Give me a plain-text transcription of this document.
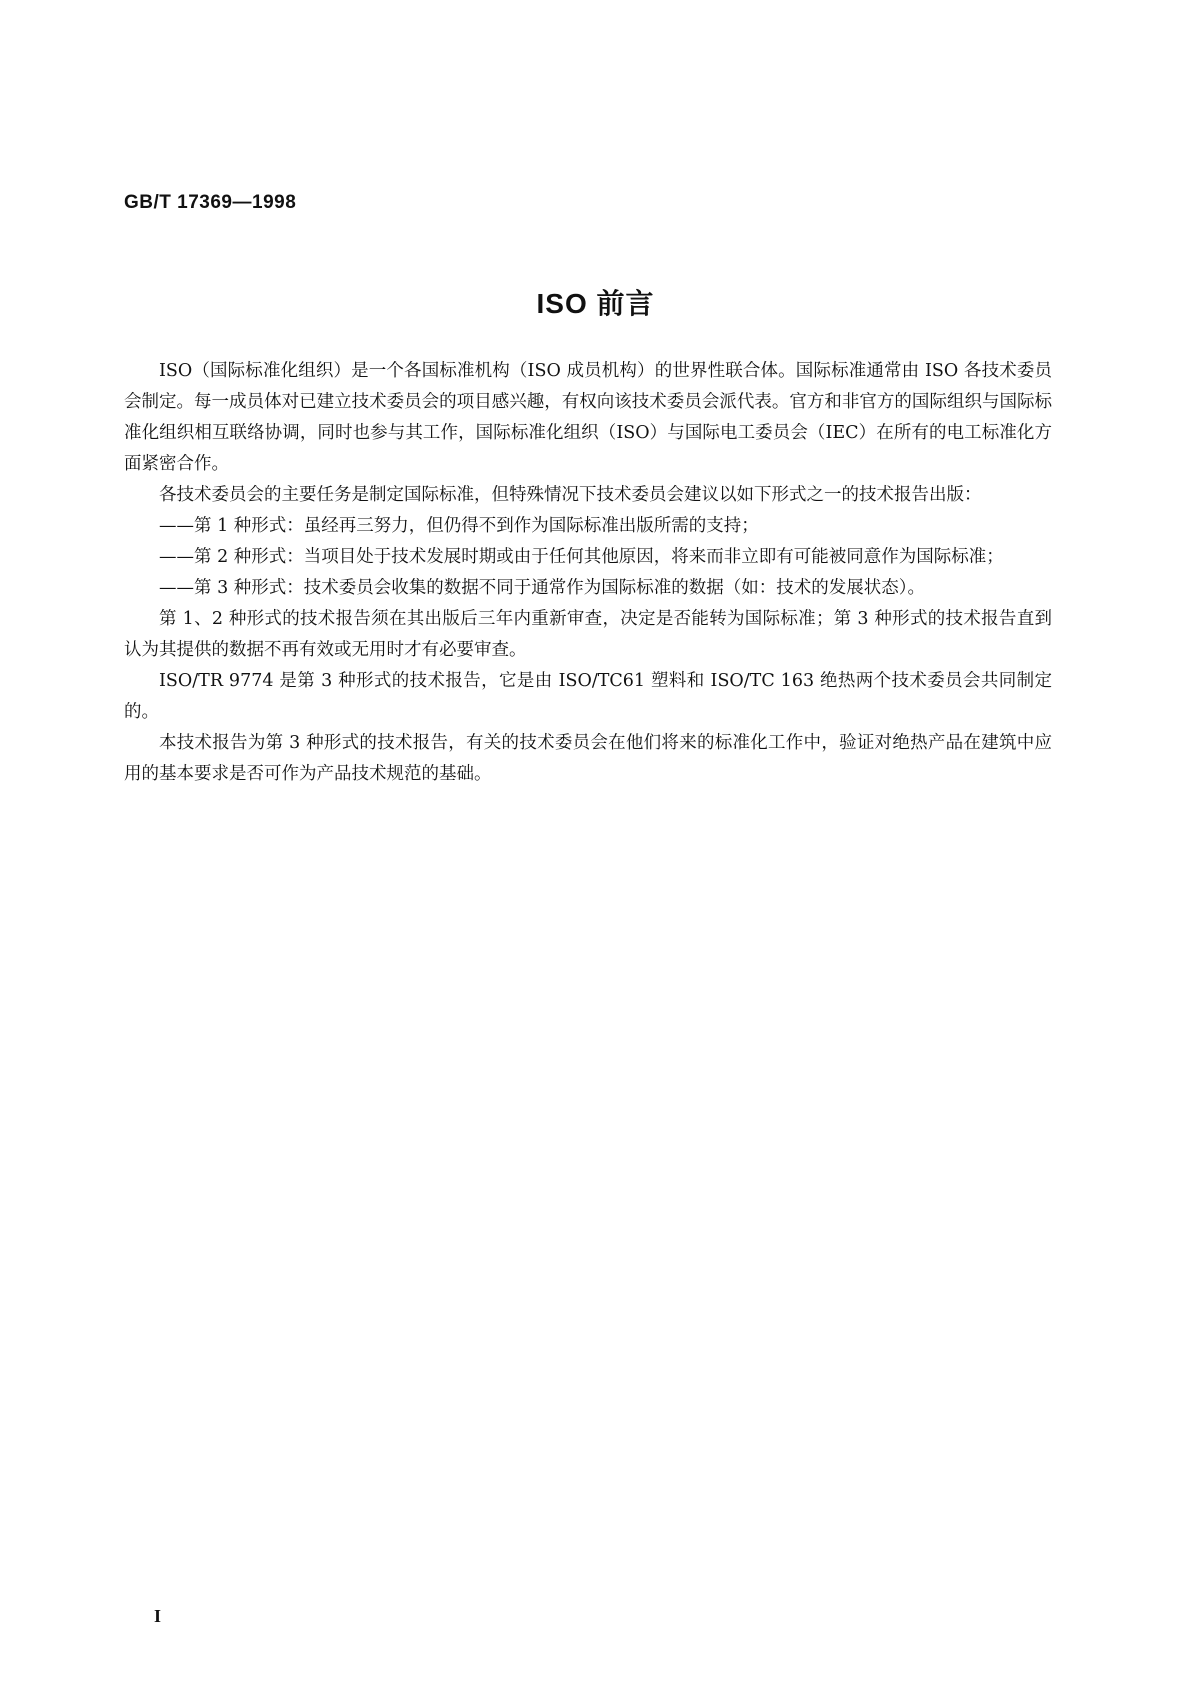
GB/T 17369—1998
ISO 前言

ISO（国际标准化组织）是一个各国标准机构（ISO 成员机构）的世界性联合体。国际标准通常由 ISO 各技术委员会制定。每一成员体对已建立技术委员会的项目感兴趣，有权向该技术委员会派代表。官方和非官方的国际组织与国际标准化组织相互联络协调，同时也参与其工作，国际标准化组织（ISO）与国际电工委员会（IEC）在所有的电工标准化方面紧密合作。

各技术委员会的主要任务是制定国际标准，但特殊情况下技术委员会建议以如下形式之一的技术报告出版：

——第 1 种形式：虽经再三努力，但仍得不到作为国际标准出版所需的支持；

——第 2 种形式：当项目处于技术发展时期或由于任何其他原因，将来而非立即有可能被同意作为国际标准；

——第 3 种形式：技术委员会收集的数据不同于通常作为国际标准的数据（如：技术的发展状态）。

第 1、2 种形式的技术报告须在其出版后三年内重新审查，决定是否能转为国际标准；第 3 种形式的技术报告直到认为其提供的数据不再有效或无用时才有必要审查。

ISO/TR 9774 是第 3 种形式的技术报告，它是由 ISO/TC61 塑料和 ISO/TC 163 绝热两个技术委员会共同制定的。

本技术报告为第 3 种形式的技术报告，有关的技术委员会在他们将来的标准化工作中，验证对绝热产品在建筑中应用的基本要求是否可作为产品技术规范的基础。

I
